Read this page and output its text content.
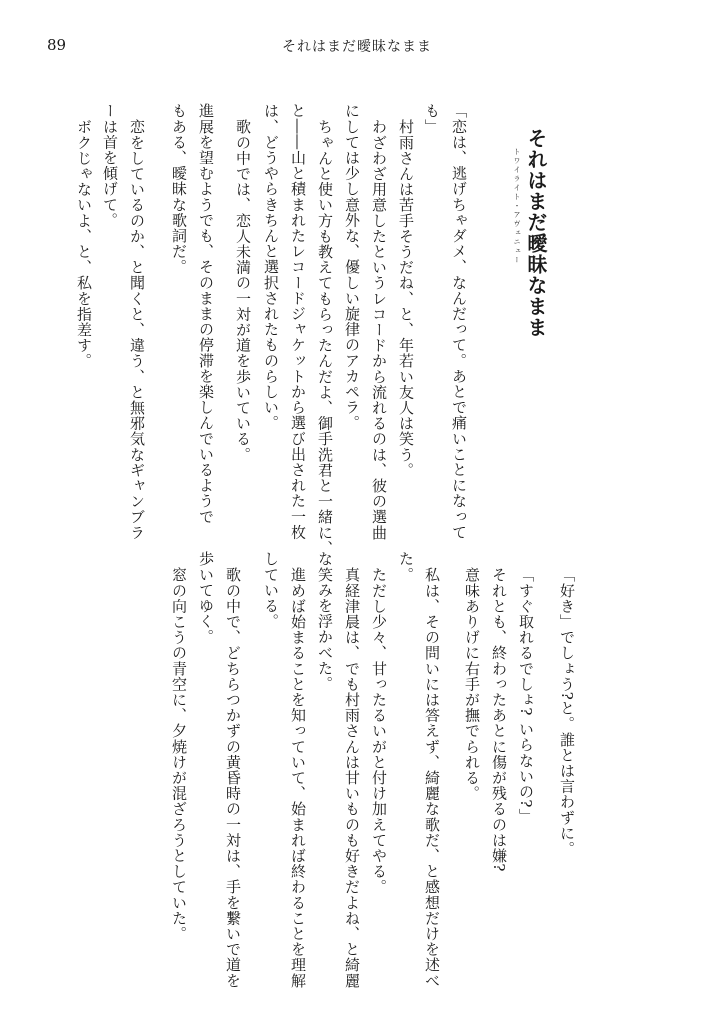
89	それはまだ曖昧なまま
それはまだ曖昧なまま
トワイライト・アヴェニュー
「恋は、逃げちゃダメ、なんだって。あとで痛いことになって
も」
村雨さんは苦手そうだね、と、年若い友人は笑う。
わざわざ用意したというレコードから流れるのは、彼の選曲
にしては少し意外な、優しい旋律のアカペラ。
ちゃんと使い方も教えてもらったんだよ、御手洗君と一緒に、
と――山と積まれたレコードジャケットから選び出された一枚
は、どうやらきちんと選択されたものらしい。
歌の中では、恋人未満の一対が道を歩いている。
進展を望むようでも、そのままの停滞を楽しんでいるようで
もある、曖昧な歌詞だ。
恋をしているのか、と聞くと、違う、と無邪気なギャンブラ
ーは首を傾げて。
ボクじゃないよ、と、私を指差す。
「好き」でしょう?と。誰とは言わずに。
「すぐ取れるでしょ? いらないの?」
それとも、終わったあとに傷が残るのは嫌?
意味ありげに右手が撫でられる。
私は、その問いには答えず、綺麗な歌だ、と感想だけを述べ
た。
ただし少々、甘ったるいがと付け加えてやる。
真経津晨は、でも村雨さんは甘いものも好きだよね、と綺麗
な笑みを浮かべた。
進めば始まることを知っていて、始まれば終わることを理解
している。
歌の中で、どちらつかずの黄昏時の一対は、手を繋いで道を
歩いてゆく。
窓の向こうの青空に、夕焼けが混ざろうとしていた。
